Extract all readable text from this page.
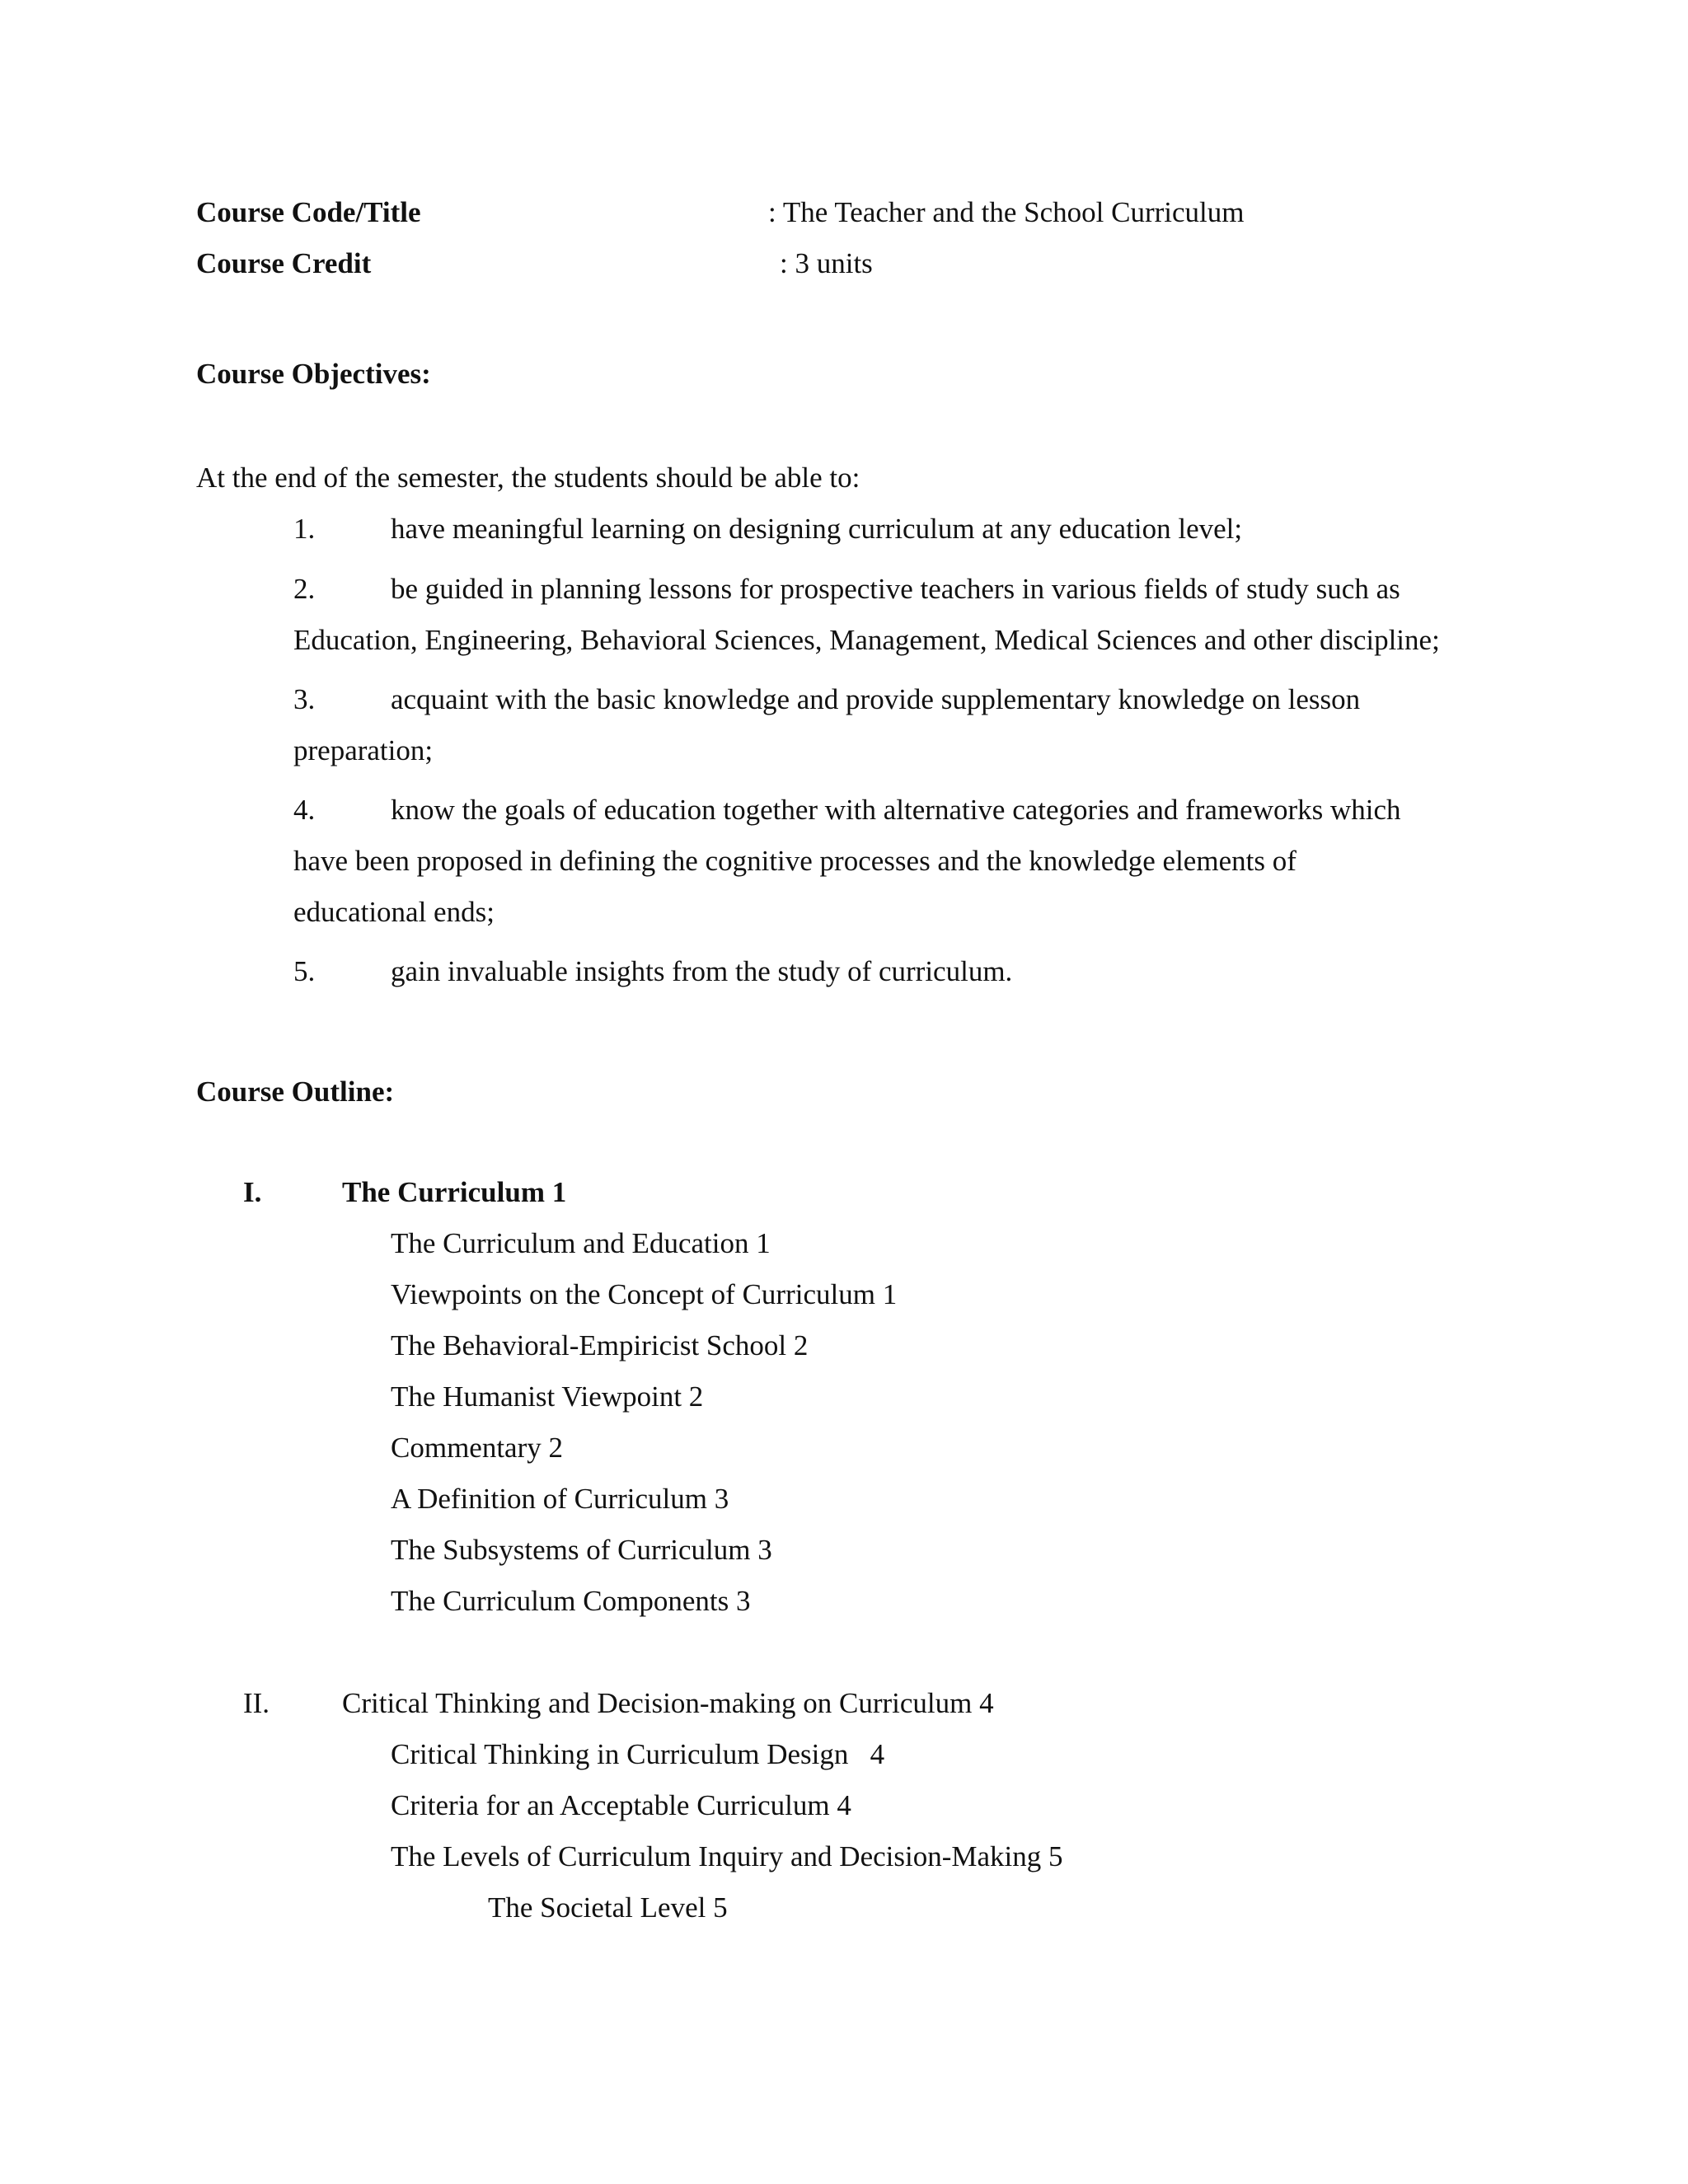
Course Code/Title	: The Teacher and the School Curriculum
Course Credit	: 3 units
Course Objectives:
At the end of the semester, the students should be able to:
1.	have meaningful learning on designing curriculum at any education level;
2.	be guided in planning lessons for prospective teachers in various fields of study such as
Education, Engineering, Behavioral Sciences, Management, Medical Sciences and other discipline;
3.	acquaint with the basic knowledge and provide supplementary knowledge on lesson
preparation;
4.	know the goals of education together with alternative categories and frameworks which
have been proposed in defining the cognitive processes and the knowledge elements of
educational ends;
5.	gain invaluable insights from the study of curriculum.
Course Outline:
I.	The Curriculum 1
The Curriculum and Education 1
Viewpoints on the Concept of Curriculum 1
The Behavioral-Empiricist School 2
The Humanist Viewpoint 2
Commentary 2
A Definition of Curriculum 3
The Subsystems of Curriculum 3
The Curriculum Components 3
II.	Critical Thinking and Decision-making on Curriculum 4
Critical Thinking in Curriculum Design   4
Criteria for an Acceptable Curriculum 4
The Levels of Curriculum Inquiry and Decision-Making 5
The Societal Level 5
